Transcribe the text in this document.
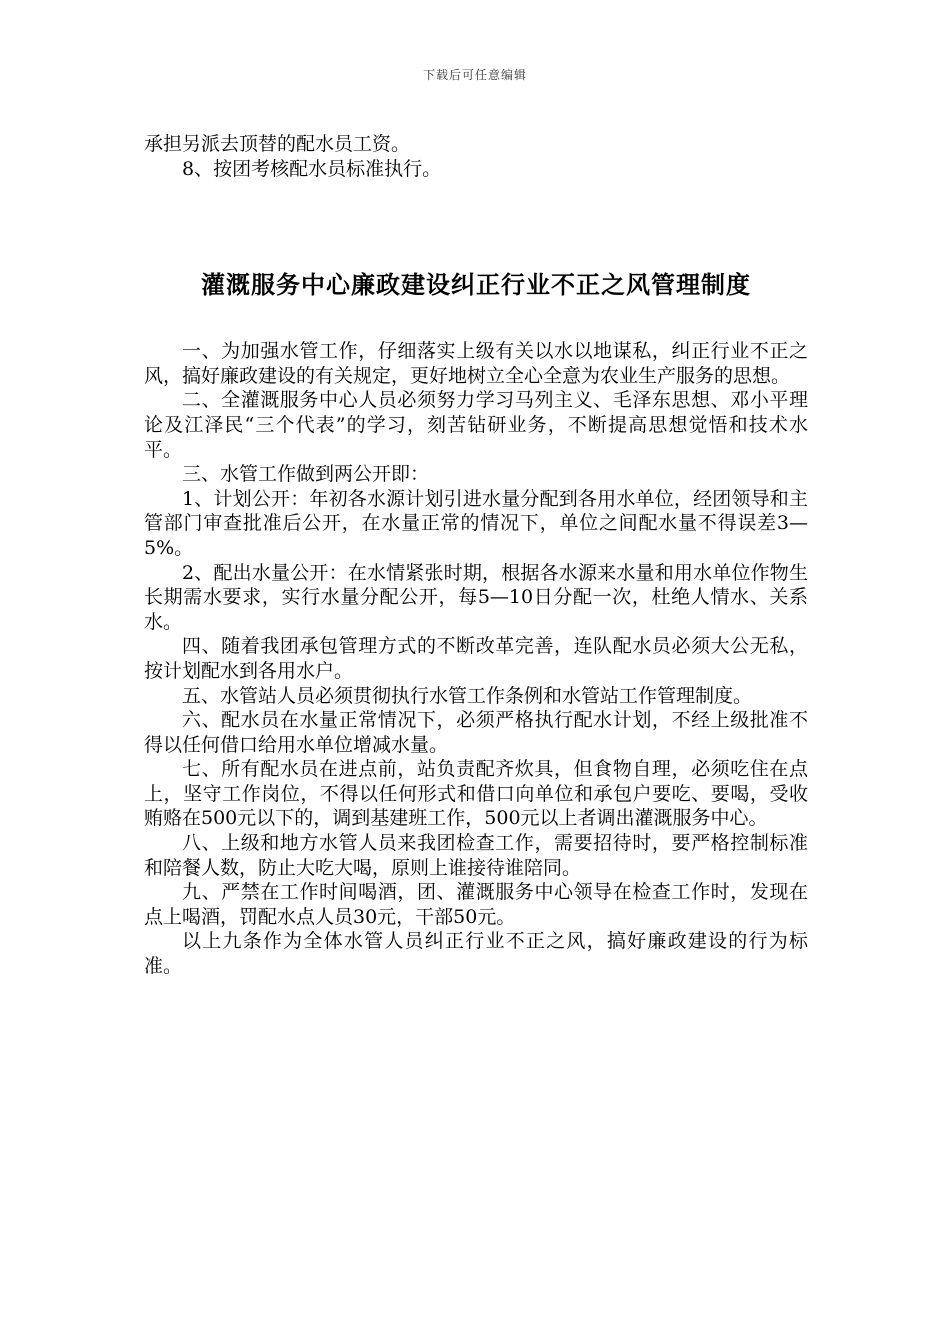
下载后可任意编辑

承担另派去顶替的配水员工资。

8、按团考核配水员标准执行。

灌溉服务中心廉政建设纠正行业不正之风管理制度

一、为加强水管工作，仔细落实上级有关以水以地谋私，纠正行业不正之风，搞好廉政建设的有关规定，更好地树立全心全意为农业生产服务的思想。

二、全灌溉服务中心人员必须努力学习马列主义、毛泽东思想、邓小平理论及江泽民“三个代表”的学习，刻苦钻研业务，不断提高思想觉悟和技术水平。

三、水管工作做到两公开即：

1、计划公开：年初各水源计划引进水量分配到各用水单位，经团领导和主管部门审查批准后公开，在水量正常的情况下，单位之间配水量不得误差3—5%。

2、配出水量公开：在水情紧张时期，根据各水源来水量和用水单位作物生长期需水要求，实行水量分配公开，每5—10日分配一次，杜绝人情水、关系水。

四、随着我团承包管理方式的不断改革完善，连队配水员必须大公无私，按计划配水到各用水户。

五、水管站人员必须贯彻执行水管工作条例和水管站工作管理制度。

六、配水员在水量正常情况下，必须严格执行配水计划，不经上级批准不得以任何借口给用水单位增减水量。

七、所有配水员在进点前，站负责配齐炊具，但食物自理，必须吃住在点上，坚守工作岗位，不得以任何形式和借口向单位和承包户要吃、要喝，受收贿赂在500元以下的，调到基建班工作，500元以上者调出灌溉服务中心。

八、上级和地方水管人员来我团检查工作，需要招待时，要严格控制标准和陪餐人数，防止大吃大喝，原则上谁接待谁陪同。

九、严禁在工作时间喝酒，团、灌溉服务中心领导在检查工作时，发现在点上喝酒，罚配水点人员30元，干部50元。

以上九条作为全体水管人员纠正行业不正之风，搞好廉政建设的行为标准。
